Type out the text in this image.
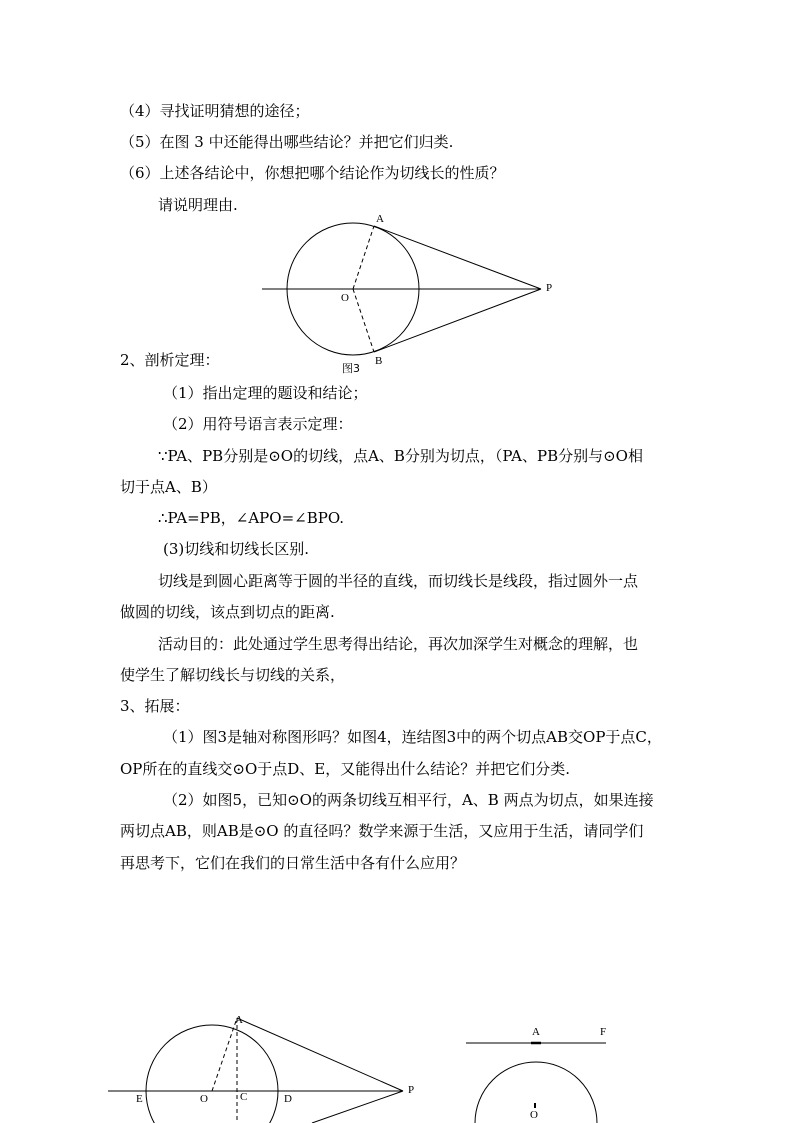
（4）寻找证明猜想的途径；
（5）在图 3 中还能得出哪些结论？并把它们归类.
（6）上述各结论中，你想把哪个结论作为切线长的性质？
请说明理由.
2、剖析定理：
（1）指出定理的题设和结论；
（2）用符号语言表示定理：
∵PA、PB分别是⊙O的切线，点A、B分别为切点，（PA、PB分别与⊙O相
切于点A、B）
∴PA=PB，∠APO=∠BPO.
(3)切线和切线长区别.
切线是到圆心距离等于圆的半径的直线，而切线长是线段，指过圆外一点
做圆的切线，该点到切点的距离.
活动目的：此处通过学生思考得出结论，再次加深学生对概念的理解，也
使学生了解切线长与切线的关系，
3、拓展：
（1）图3是轴对称图形吗？如图4，连结图3中的两个切点AB交OP于点C，
OP所在的直线交⊙O于点D、E，又能得出什么结论？并把它们分类.
（2）如图5，已知⊙O的两条切线互相平行，A、B 两点为切点，如果连接
两切点AB，则AB是⊙O 的直径吗？数学来源于生活，又应用于生活，请同学们
再思考下，它们在我们的日常生活中各有什么应用？
A
B
O
P
图3
A
E	O	C	D
P
A	F
O
